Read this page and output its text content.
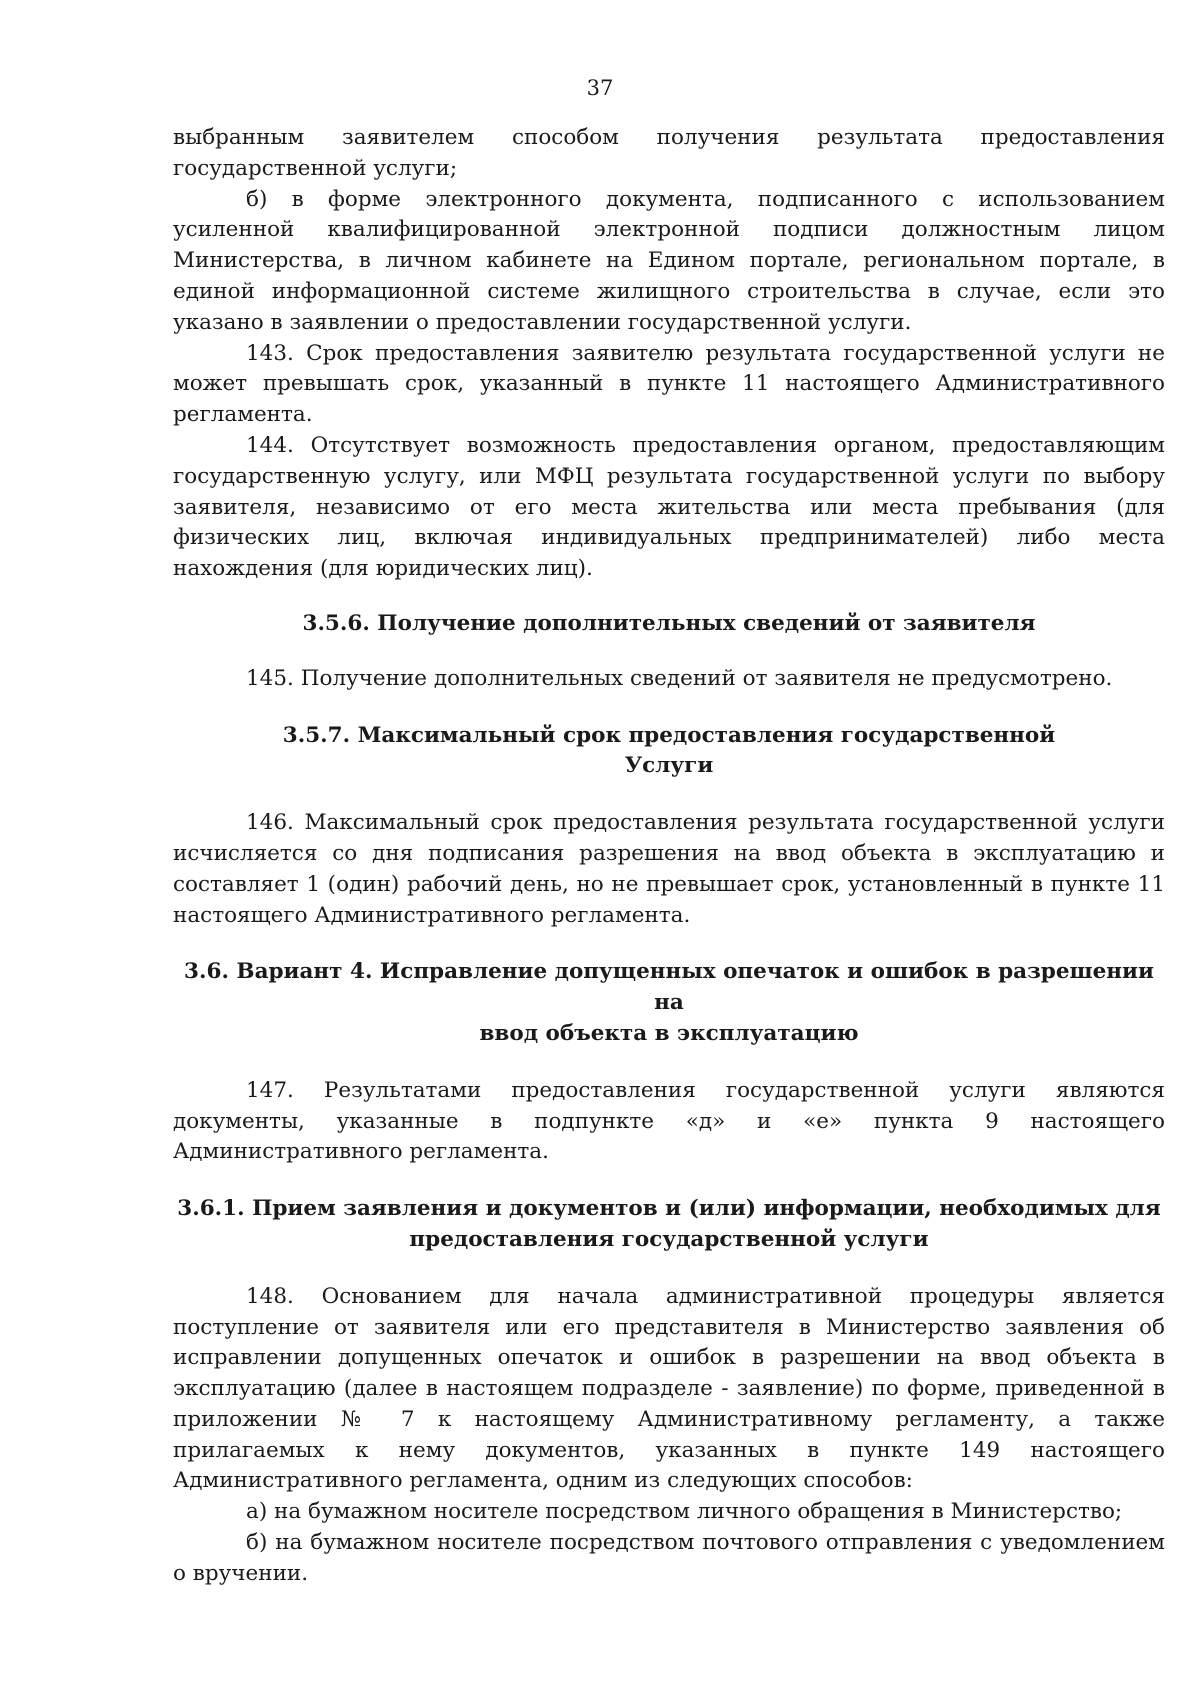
37

выбранным заявителем способом получения результата предоставления

государственной услуги;

б) в форме электронного документа, подписанного с использованием усиленной квалифицированной электронной подписи должностным лицом Министерства, в личном кабинете на Едином портале, региональном портале, в единой информационной системе жилищного строительства в случае, если это указано в заявлении о предоставлении государственной услуги.

143. Срок предоставления заявителю результата государственной услуги не может превышать срок, указанный в пункте 11 настоящего Административного регламента.

144. Отсутствует возможность предоставления органом, предоставляющим государственную услугу, или МФЦ результата государственной услуги по выбору заявителя, независимо от его места жительства или места пребывания (для физических лиц, включая индивидуальных предпринимателей) либо места нахождения (для юридических лиц).

3.5.6. Получение дополнительных сведений от заявителя

145. Получение дополнительных сведений от заявителя не предусмотрено.

3.5.7. Максимальный срок предоставления государственной
Услуги

146. Максимальный срок предоставления результата государственной услуги исчисляется со дня подписания разрешения на ввод объекта в эксплуатацию и составляет 1 (один) рабочий день, но не превышает срок, установленный в пункте 11 настоящего Административного регламента.

3.6. Вариант 4. Исправление допущенных опечаток и ошибок в разрешении на
ввод объекта в эксплуатацию

147. Результатами предоставления государственной услуги являются документы, указанные в подпункте «д» и «е» пункта 9 настоящего Административного регламента.

3.6.1. Прием заявления и документов и (или) информации, необходимых для
предоставления государственной услуги

148. Основанием для начала административной процедуры является поступление от заявителя или его представителя в Министерство заявления об исправлении допущенных опечаток и ошибок в разрешении на ввод объекта в эксплуатацию (далее в настоящем подразделе - заявление) по форме, приведенной в приложении № 7 к настоящему Административному регламенту, а также прилагаемых к нему документов, указанных в пункте 149 настоящего Административного регламента, одним из следующих способов:

а) на бумажном носителе посредством личного обращения в Министерство;

б) на бумажном носителе посредством почтового отправления с уведомлением о вручении.
